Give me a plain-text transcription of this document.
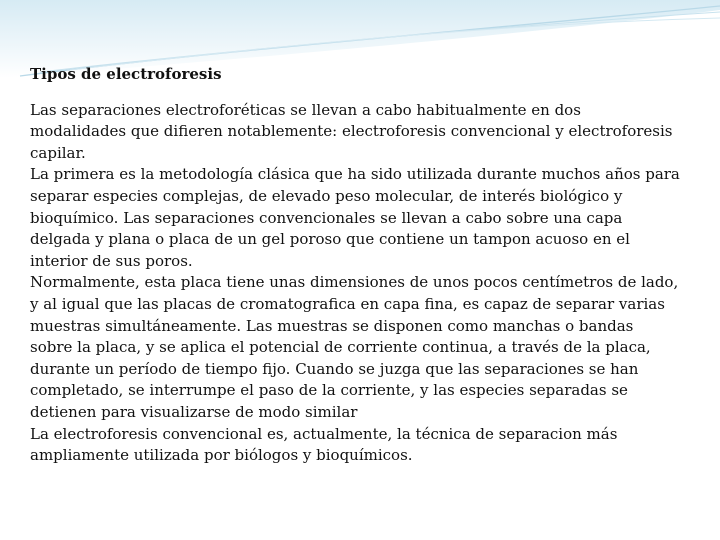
Tipos de electroforesis

Las separaciones electroforéticas se llevan a cabo habitualmente en dos modalidades que difieren notablemente: electroforesis convencional y electroforesis capilar.

La primera es la metodología clásica que ha sido utilizada durante muchos años para separar especies complejas, de elevado peso molecular, de interés biológico y bioquímico. Las separaciones convencionales se llevan a cabo sobre una capa delgada y plana o placa de un gel poroso que contiene un tampon acuoso en el interior de sus poros.

Normalmente, esta placa tiene unas dimensiones de unos pocos centímetros de lado, y al igual que las placas de cromatografica en capa fina, es capaz de separar varias muestras simultáneamente. Las muestras se disponen como manchas o bandas sobre la placa, y se aplica el potencial de corriente continua, a través de la placa, durante un período de tiempo fijo. Cuando se juzga que las separaciones se han completado, se interrumpe el paso de la corriente, y las especies separadas se detienen para visualizarse de modo similar

La electroforesis convencional es, actualmente, la técnica de separacion más ampliamente utilizada por biólogos y bioquímicos.
